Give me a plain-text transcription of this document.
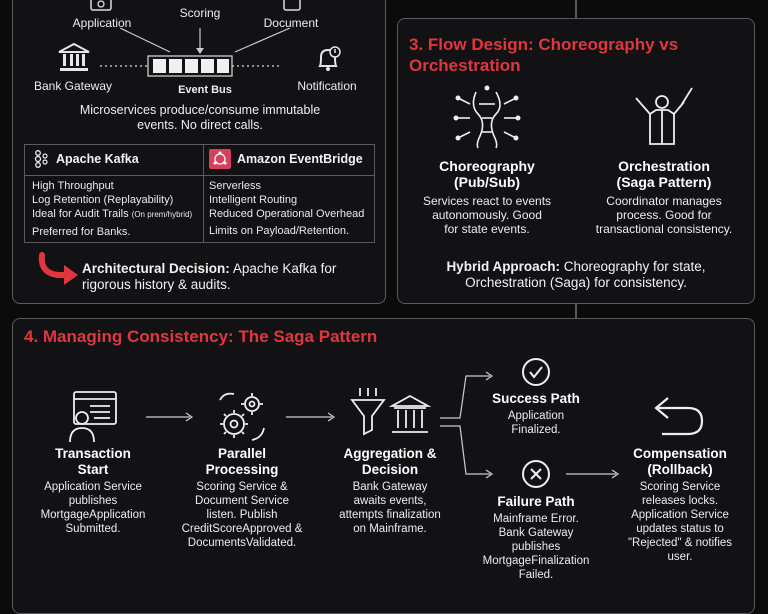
Application
Scoring
Document
Bank Gateway	Event Bus	Notification
Microservices produce/consume immutable
events. No direct calls.
Apache Kafka
High Throughput
Log Retention (Replayability)
Ideal for Audit Trails (On prem/hybrid)
Preferred for Banks.
Amazon EventBridge
Serverless
Intelligent Routing
Reduced Operational Overhead
Limits on Payload/Retention.
Architectural Decision: Apache Kafka for
rigorous history & audits.
3. Flow Design: Choreography vs
Orchestration
Choreography
(Pub/Sub)
Services react to events
autonomously. Good
for state events.
Orchestration
(Saga Pattern)
Coordinator manages
process. Good for
transactional consistency.
Hybrid Approach: Choreography for state,
Orchestration (Saga) for consistency.
4. Managing Consistency: The Saga Pattern
Success Path
Application
Finalized.
Failure Path
Mainframe Error.
Bank Gateway
publishes
MortgageFinalization
Failed.
Transaction
Start
Application Service
publishes
MortgageApplication
Submitted.
Parallel
Processing
Scoring Service &
Document Service
listen. Publish
CreditScoreApproved &
DocumentsValidated.
Aggregation &
Decision
Bank Gateway
awaits events,
attempts finalization
on Mainframe.
Compensation
(Rollback)
Scoring Service
releases locks.
Application Service
updates status to
"Rejected" & notifies
user.
